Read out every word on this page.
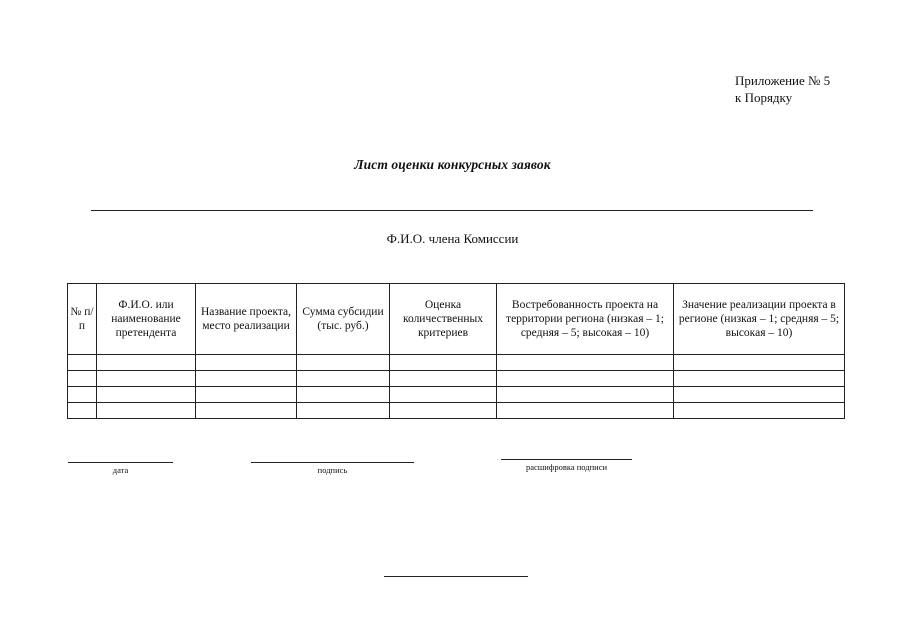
Приложение № 5
к Порядку
Лист оценки конкурсных заявок
Ф.И.О. члена Комиссии
№ п/ п	Ф.И.О. или наименование претендента	Название проекта, место реализации	Сумма субсидии (тыс. руб.)	Оценка количественных критериев	Востребованность проекта на территории региона (низкая – 1; средняя – 5; высокая – 10)	Значение реализации проекта в регионе (низкая – 1; средняя – 5; высокая – 10)

дата	подпись	расшифровка подписи
